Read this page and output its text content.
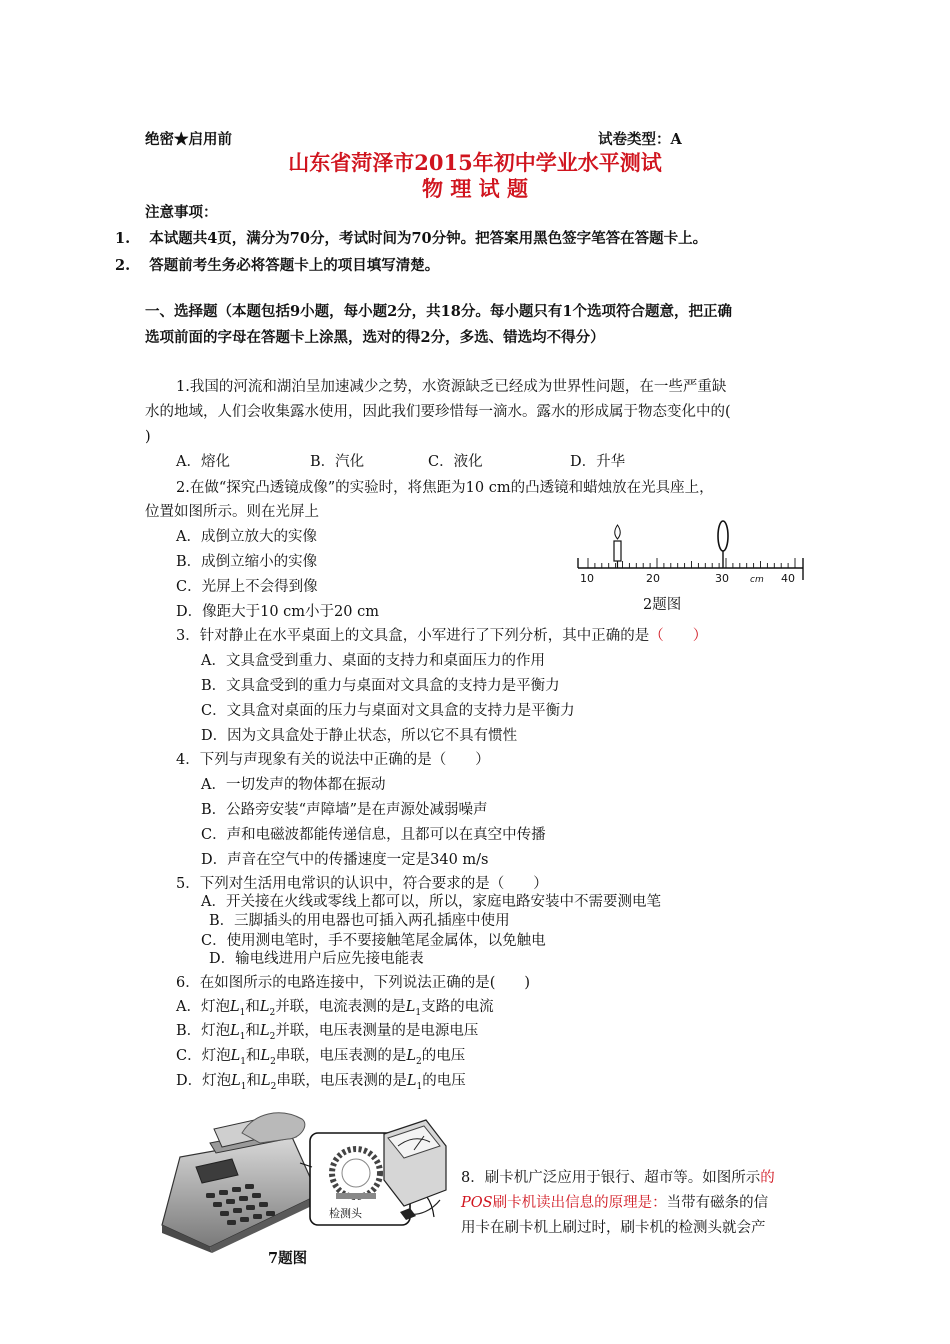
绝密★启用前	试卷类型：A
山东省菏泽市2015年初中学业水平测试
物 理 试 题
注意事项：
1. 本试题共4页，满分为70分，考试时间为70分钟。把答案用黑色签字笔答在答题卡上。
2. 答题前考生务必将答题卡上的项目填写清楚。
一、选择题（本题包括9小题，每小题2分，共18分。每小题只有1个选项符合题意，把正确
选项前面的字母在答题卡上涂黑，选对的得2分，多选、错选均不得分）
1.我国的河流和湖泊呈加速减少之势，水资源缺乏已经成为世界性问题，在一些严重缺
水的地域，人们会收集露水使用，因此我们要珍惜每一滴水。露水的形成属于物态变化中的(
)
A．熔化	B．汽化	C．液化	D．升华
2.在做“探究凸透镜成像”的实验时，将焦距为10 cm的凸透镜和蜡烛放在光具座上，
位置如图所示。则在光屏上
A．成倒立放大的实像
B．成倒立缩小的实像
C．光屏上不会得到像
D．像距大于10 cm小于20 cm
10	20	30 cm 40
2题图
3．针对静止在水平桌面上的文具盒，小军进行了下列分析，其中正确的是（　　）
A．文具盒受到重力、桌面的支持力和桌面压力的作用
B．文具盒受到的重力与桌面对文具盒的支持力是平衡力
C．文具盒对桌面的压力与桌面对文具盒的支持力是平衡力
D．因为文具盒处于静止状态，所以它不具有惯性
4．下列与声现象有关的说法中正确的是（　　）
A．一切发声的物体都在振动
B．公路旁安装“声障墙”是在声源处减弱噪声
C．声和电磁波都能传递信息，且都可以在真空中传播
D．声音在空气中的传播速度一定是340 m/s
5．下列对生活用电常识的认识中，符合要求的是（　　）
A．开关接在火线或零线上都可以，所以，家庭电路安装中不需要测电笔
B．三脚插头的用电器也可插入两孔插座中使用
C．使用测电笔时，手不要接触笔尾金属体，以免触电
D．输电线进用户后应先接电能表
6．在如图所示的电路连接中，下列说法正确的是(　　)
A．灯泡$L_1$和$L_2$并联，电流表测的是$L_1$支路的电流
B．灯泡$L_1$和$L_2$并联，电压表测量的是电源电压
C．灯泡$L_1$和$L_2$串联，电压表测的是$L_2$的电压
D．灯泡$L_1$和$L_2$串联，电压表测的是$L_1$的电压
检测头
7题图
8．刷卡机广泛应用于银行、超市等。如图所示的
POS刷卡机读出信息的原理是：当带有磁条的信
用卡在刷卡机上刷过时，刷卡机的检测头就会产
